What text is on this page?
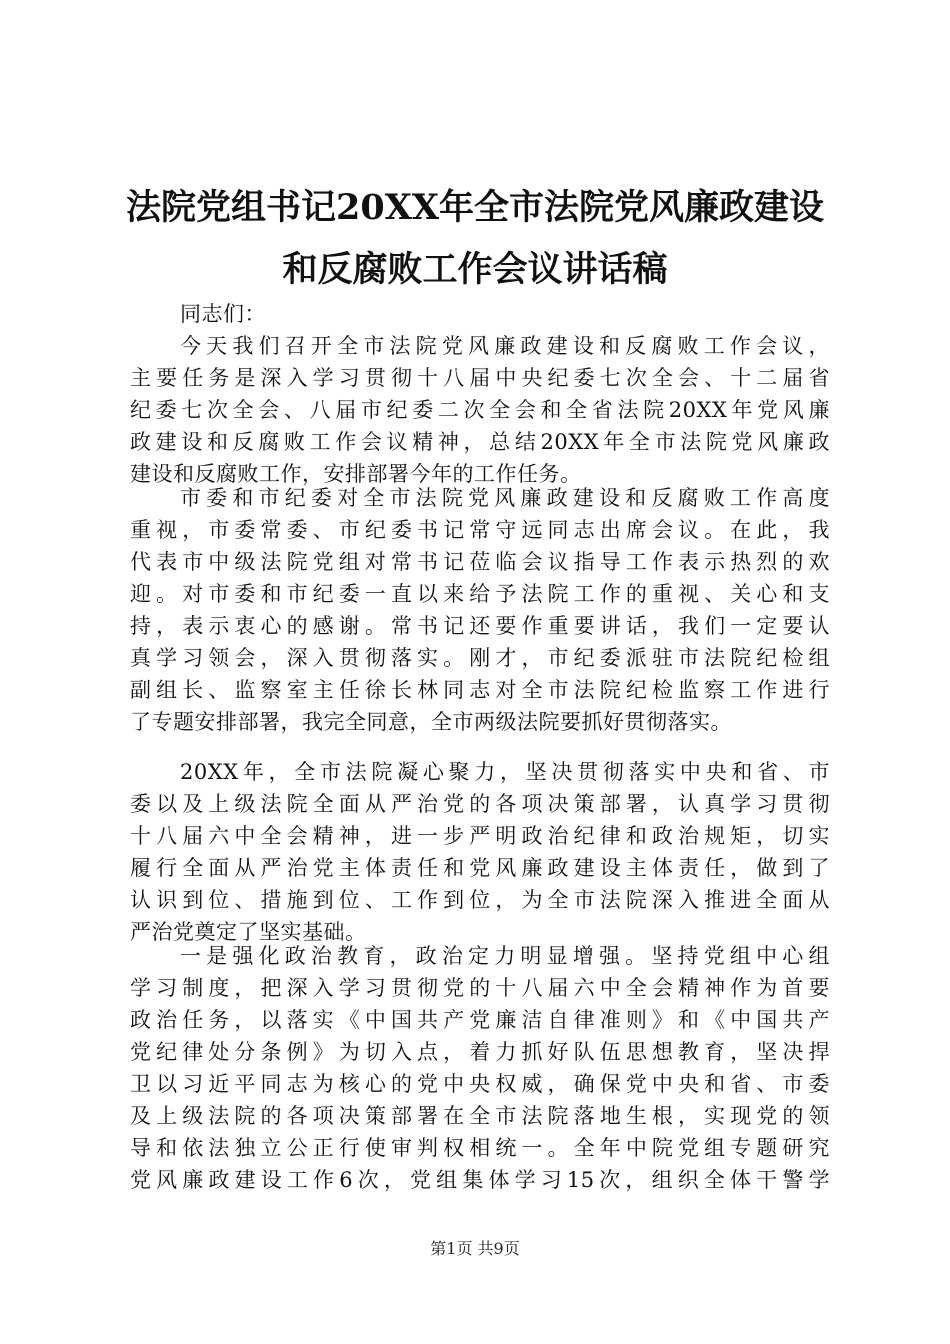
法院党组书记20XX年全市法院党风廉政建设
和反腐败工作会议讲话稿
同志们：
今天我们召开全市法院党风廉政建设和反腐败工作会议，
主要任务是深入学习贯彻十八届中央纪委七次全会、十二届省
纪委七次全会、八届市纪委二次全会和全省法院20XX年党风廉
政建设和反腐败工作会议精神，总结20XX年全市法院党风廉政
建设和反腐败工作，安排部署今年的工作任务。
市委和市纪委对全市法院党风廉政建设和反腐败工作高度
重视，市委常委、市纪委书记常守远同志出席会议。在此，我
代表市中级法院党组对常书记莅临会议指导工作表示热烈的欢
迎。对市委和市纪委一直以来给予法院工作的重视、关心和支
持，表示衷心的感谢。常书记还要作重要讲话，我们一定要认
真学习领会，深入贯彻落实。刚才，市纪委派驻市法院纪检组
副组长、监察室主任徐长林同志对全市法院纪检监察工作进行
了专题安排部署，我完全同意，全市两级法院要抓好贯彻落实。
20XX年，全市法院凝心聚力，坚决贯彻落实中央和省、市
委以及上级法院全面从严治党的各项决策部署，认真学习贯彻
十八届六中全会精神，进一步严明政治纪律和政治规矩，切实
履行全面从严治党主体责任和党风廉政建设主体责任，做到了
认识到位、措施到位、工作到位，为全市法院深入推进全面从
严治党奠定了坚实基础。
一是强化政治教育，政治定力明显增强。坚持党组中心组
学习制度，把深入学习贯彻党的十八届六中全会精神作为首要
政治任务，以落实《中国共产党廉洁自律准则》和《中国共产
党纪律处分条例》为切入点，着力抓好队伍思想教育，坚决捍
卫以习近平同志为核心的党中央权威，确保党中央和省、市委
及上级法院的各项决策部署在全市法院落地生根，实现党的领
导和依法独立公正行使审判权相统一。全年中院党组专题研究
党风廉政建设工作6次，党组集体学习15次，组织全体干警学
第1页 共9页
